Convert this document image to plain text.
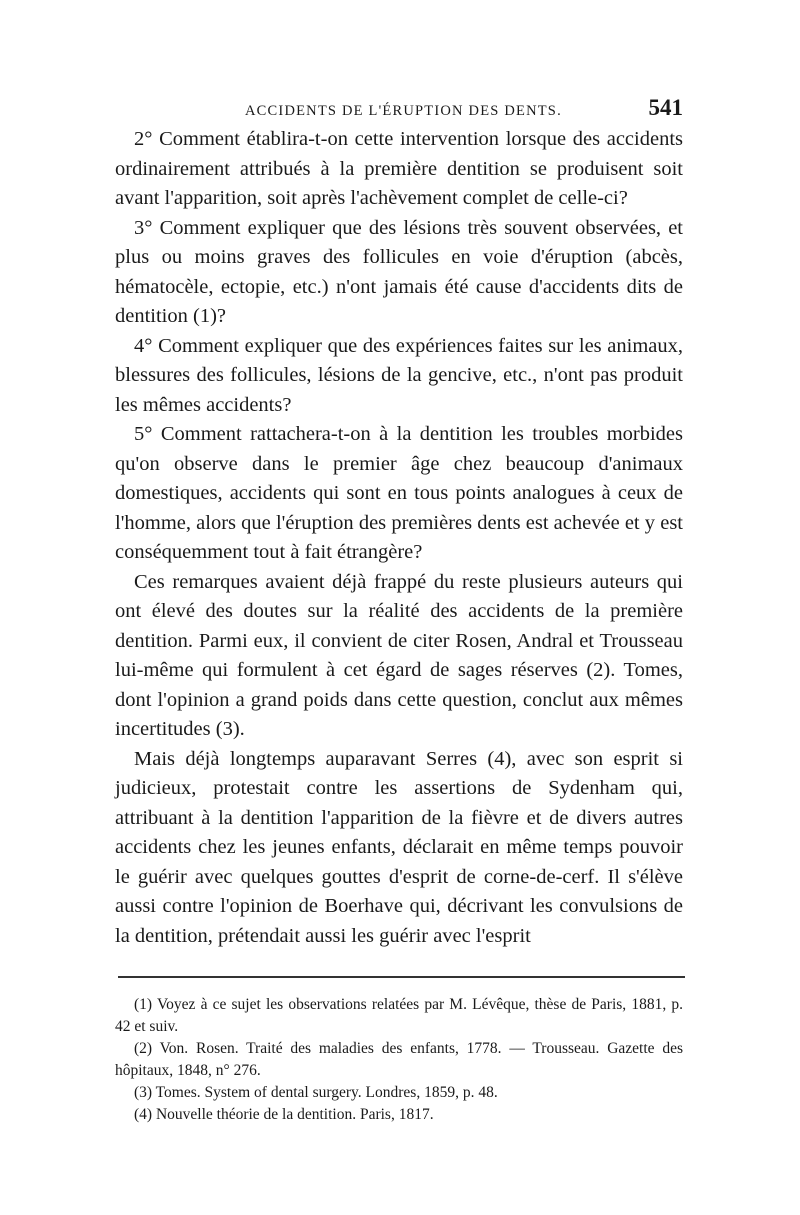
ACCIDENTS DE L'ÉRUPTION DES DENTS.	541

2° Comment établira-t-on cette intervention lorsque des accidents ordinairement attribués à la première dentition se produisent soit avant l'apparition, soit après l'achèvement complet de celle-ci?

3° Comment expliquer que des lésions très souvent observées, et plus ou moins graves des follicules en voie d'éruption (abcès, hématocèle, ectopie, etc.) n'ont jamais été cause d'accidents dits de dentition (1)?

4° Comment expliquer que des expériences faites sur les animaux, blessures des follicules, lésions de la gencive, etc., n'ont pas produit les mêmes accidents?

5° Comment rattachera-t-on à la dentition les troubles morbides qu'on observe dans le premier âge chez beaucoup d'animaux domestiques, accidents qui sont en tous points analogues à ceux de l'homme, alors que l'éruption des premières dents est achevée et y est conséquemment tout à fait étrangère?

Ces remarques avaient déjà frappé du reste plusieurs auteurs qui ont élevé des doutes sur la réalité des accidents de la première dentition. Parmi eux, il convient de citer Rosen, Andral et Trousseau lui-même qui formulent à cet égard de sages réserves (2). Tomes, dont l'opinion a grand poids dans cette question, conclut aux mêmes incertitudes (3).

Mais déjà longtemps auparavant Serres (4), avec son esprit si judicieux, protestait contre les assertions de Sydenham qui, attribuant à la dentition l'apparition de la fièvre et de divers autres accidents chez les jeunes enfants, déclarait en même temps pouvoir le guérir avec quelques gouttes d'esprit de corne-de-cerf. Il s'élève aussi contre l'opinion de Boerhave qui, décrivant les convulsions de la dentition, prétendait aussi les guérir avec l'esprit

(1) Voyez à ce sujet les observations relatées par M. Lévêque, thèse de Paris, 1881, p. 42 et suiv.

(2) Von. Rosen. Traité des maladies des enfants, 1778. — Trousseau. Gazette des hôpitaux, 1848, n° 276.

(3) Tomes. System of dental surgery. Londres, 1859, p. 48.

(4) Nouvelle théorie de la dentition. Paris, 1817.
